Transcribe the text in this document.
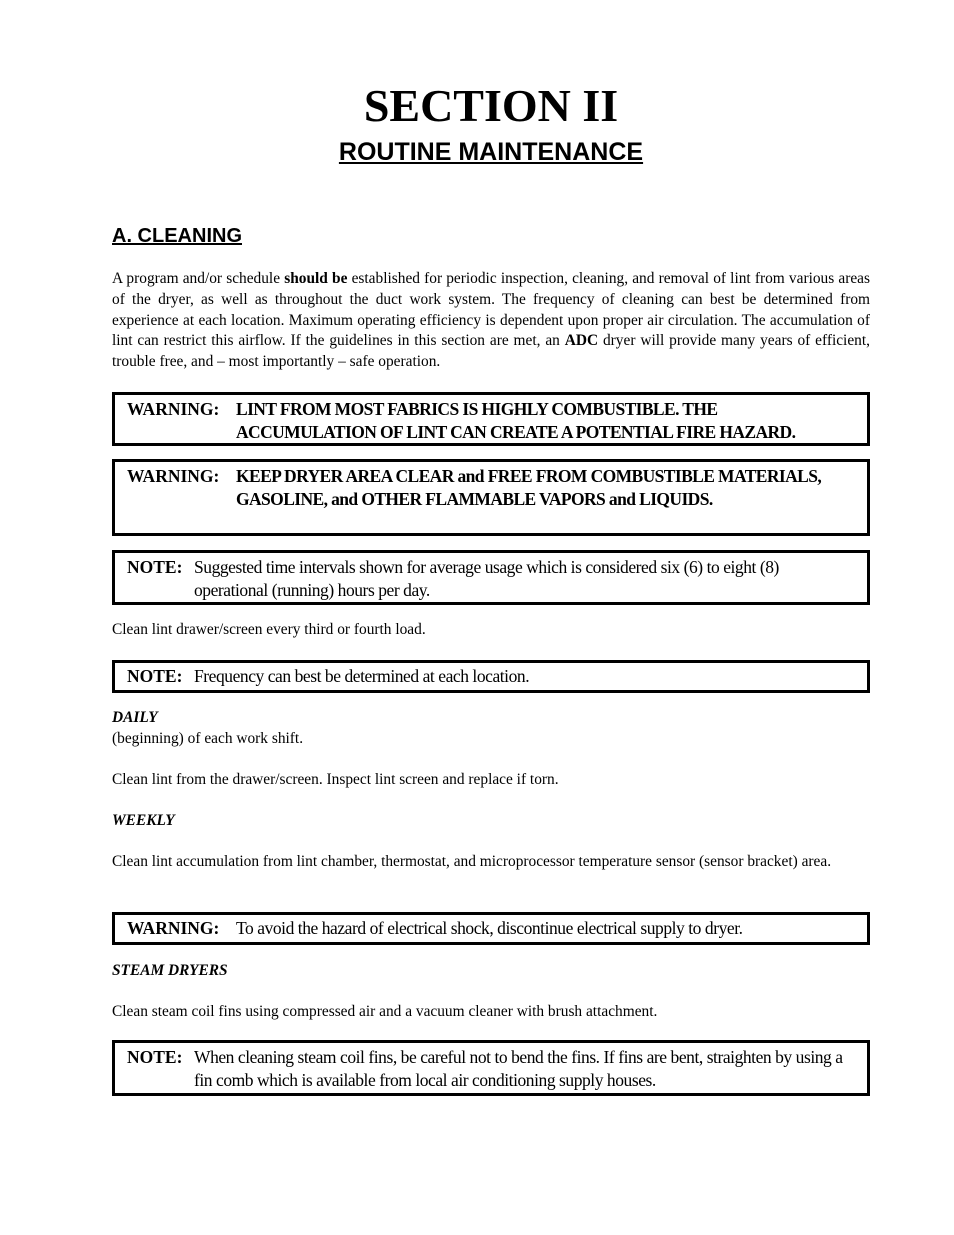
SECTION II
ROUTINE MAINTENANCE
A. CLEANING

A program and/or schedule should be established for periodic inspection, cleaning, and removal of lint from various areas of the dryer, as well as throughout the duct work system. The frequency of cleaning can best be determined from experience at each location. Maximum operating efficiency is dependent upon proper air circulation. The accumulation of lint can restrict this airflow. If the guidelines in this section are met, an ADC dryer will provide many years of efficient, trouble free, and – most importantly – safe operation.

WARNING: LINT FROM MOST FABRICS IS HIGHLY COMBUSTIBLE. THE ACCUMULATION OF LINT CAN CREATE A POTENTIAL FIRE HAZARD.
WARNING: KEEP DRYER AREA CLEAR and FREE FROM COMBUSTIBLE MATERIALS, GASOLINE, and OTHER FLAMMABLE VAPORS and LIQUIDS.
NOTE: Suggested time intervals shown for average usage which is considered six (6) to eight (8) operational (running) hours per day.

Clean lint drawer/screen every third or fourth load.

NOTE: Frequency can best be determined at each location.

DAILY

(beginning) of each work shift.

Clean lint from the drawer/screen. Inspect lint screen and replace if torn.

WEEKLY

Clean lint accumulation from lint chamber, thermostat, and microprocessor temperature sensor (sensor bracket) area.

WARNING: To avoid the hazard of electrical shock, discontinue electrical supply to dryer.

STEAM DRYERS

Clean steam coil fins using compressed air and a vacuum cleaner with brush attachment.

NOTE: When cleaning steam coil fins, be careful not to bend the fins. If fins are bent, straighten by using a fin comb which is available from local air conditioning supply houses.
